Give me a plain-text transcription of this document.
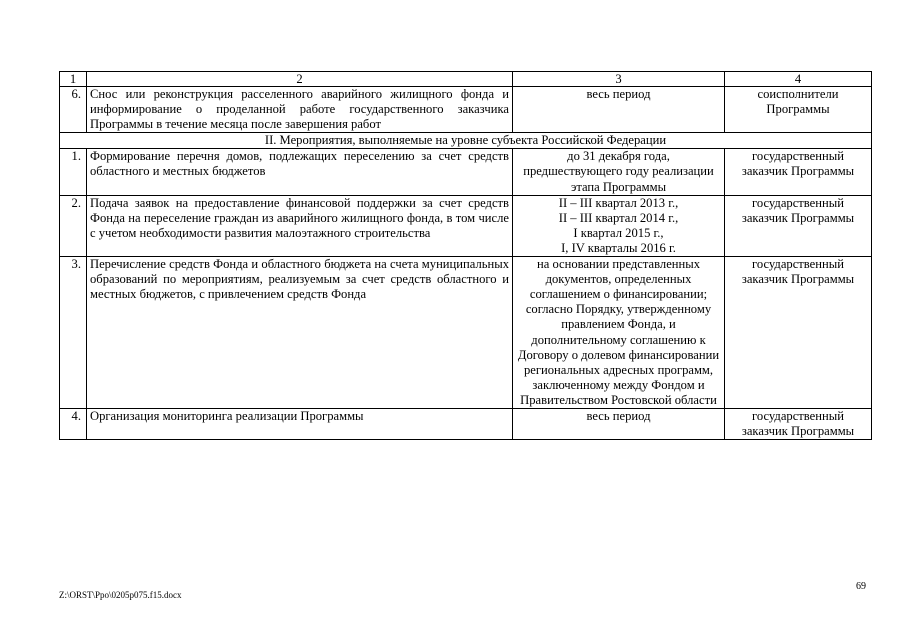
1	2	3	4
6.	Снос или реконструкция расселенного аварийного жилищного фонда и информирование о проделанной работе государственного заказчика Программы в течение месяца после завершения работ	весь период	соисполнители Программы
II. Мероприятия, выполняемые на уровне субъекта Российской Федерации			
1.	Формирование перечня домов, подлежащих переселению за счет средств областного и местных бюджетов	до 31 декабря года, предшествующего году реализации этапа Программы	государственный заказчик Программы
2.	Подача заявок на предоставление финансовой поддержки за счет средств Фонда на переселение граждан из аварийного жилищного фонда, в том числе с учетом необходимости развития малоэтажного строительства	II – III квартал 2013 г.,
II – III квартал 2014 г.,
I квартал 2015 г.,
I, IV кварталы 2016 г.	государственный заказчик Программы
3.	Перечисление средств Фонда и областного бюджета на счета муниципальных образований по мероприятиям, реализуемым за счет средств областного и местных бюджетов, с привлечением средств Фонда	на основании представленных документов, определенных соглашением о финансировании; согласно Порядку, утвержденному правлением Фонда, и дополнительному соглашению к Договору о долевом финансировании региональных адресных программ, заключенному между Фондом и Правительством Ростовской области	государственный заказчик Программы
4.	Организация мониторинга реализации Программы	весь период	государственный заказчик Программы
69
Z:\ORST\Ppo\0205p075.f15.docx
